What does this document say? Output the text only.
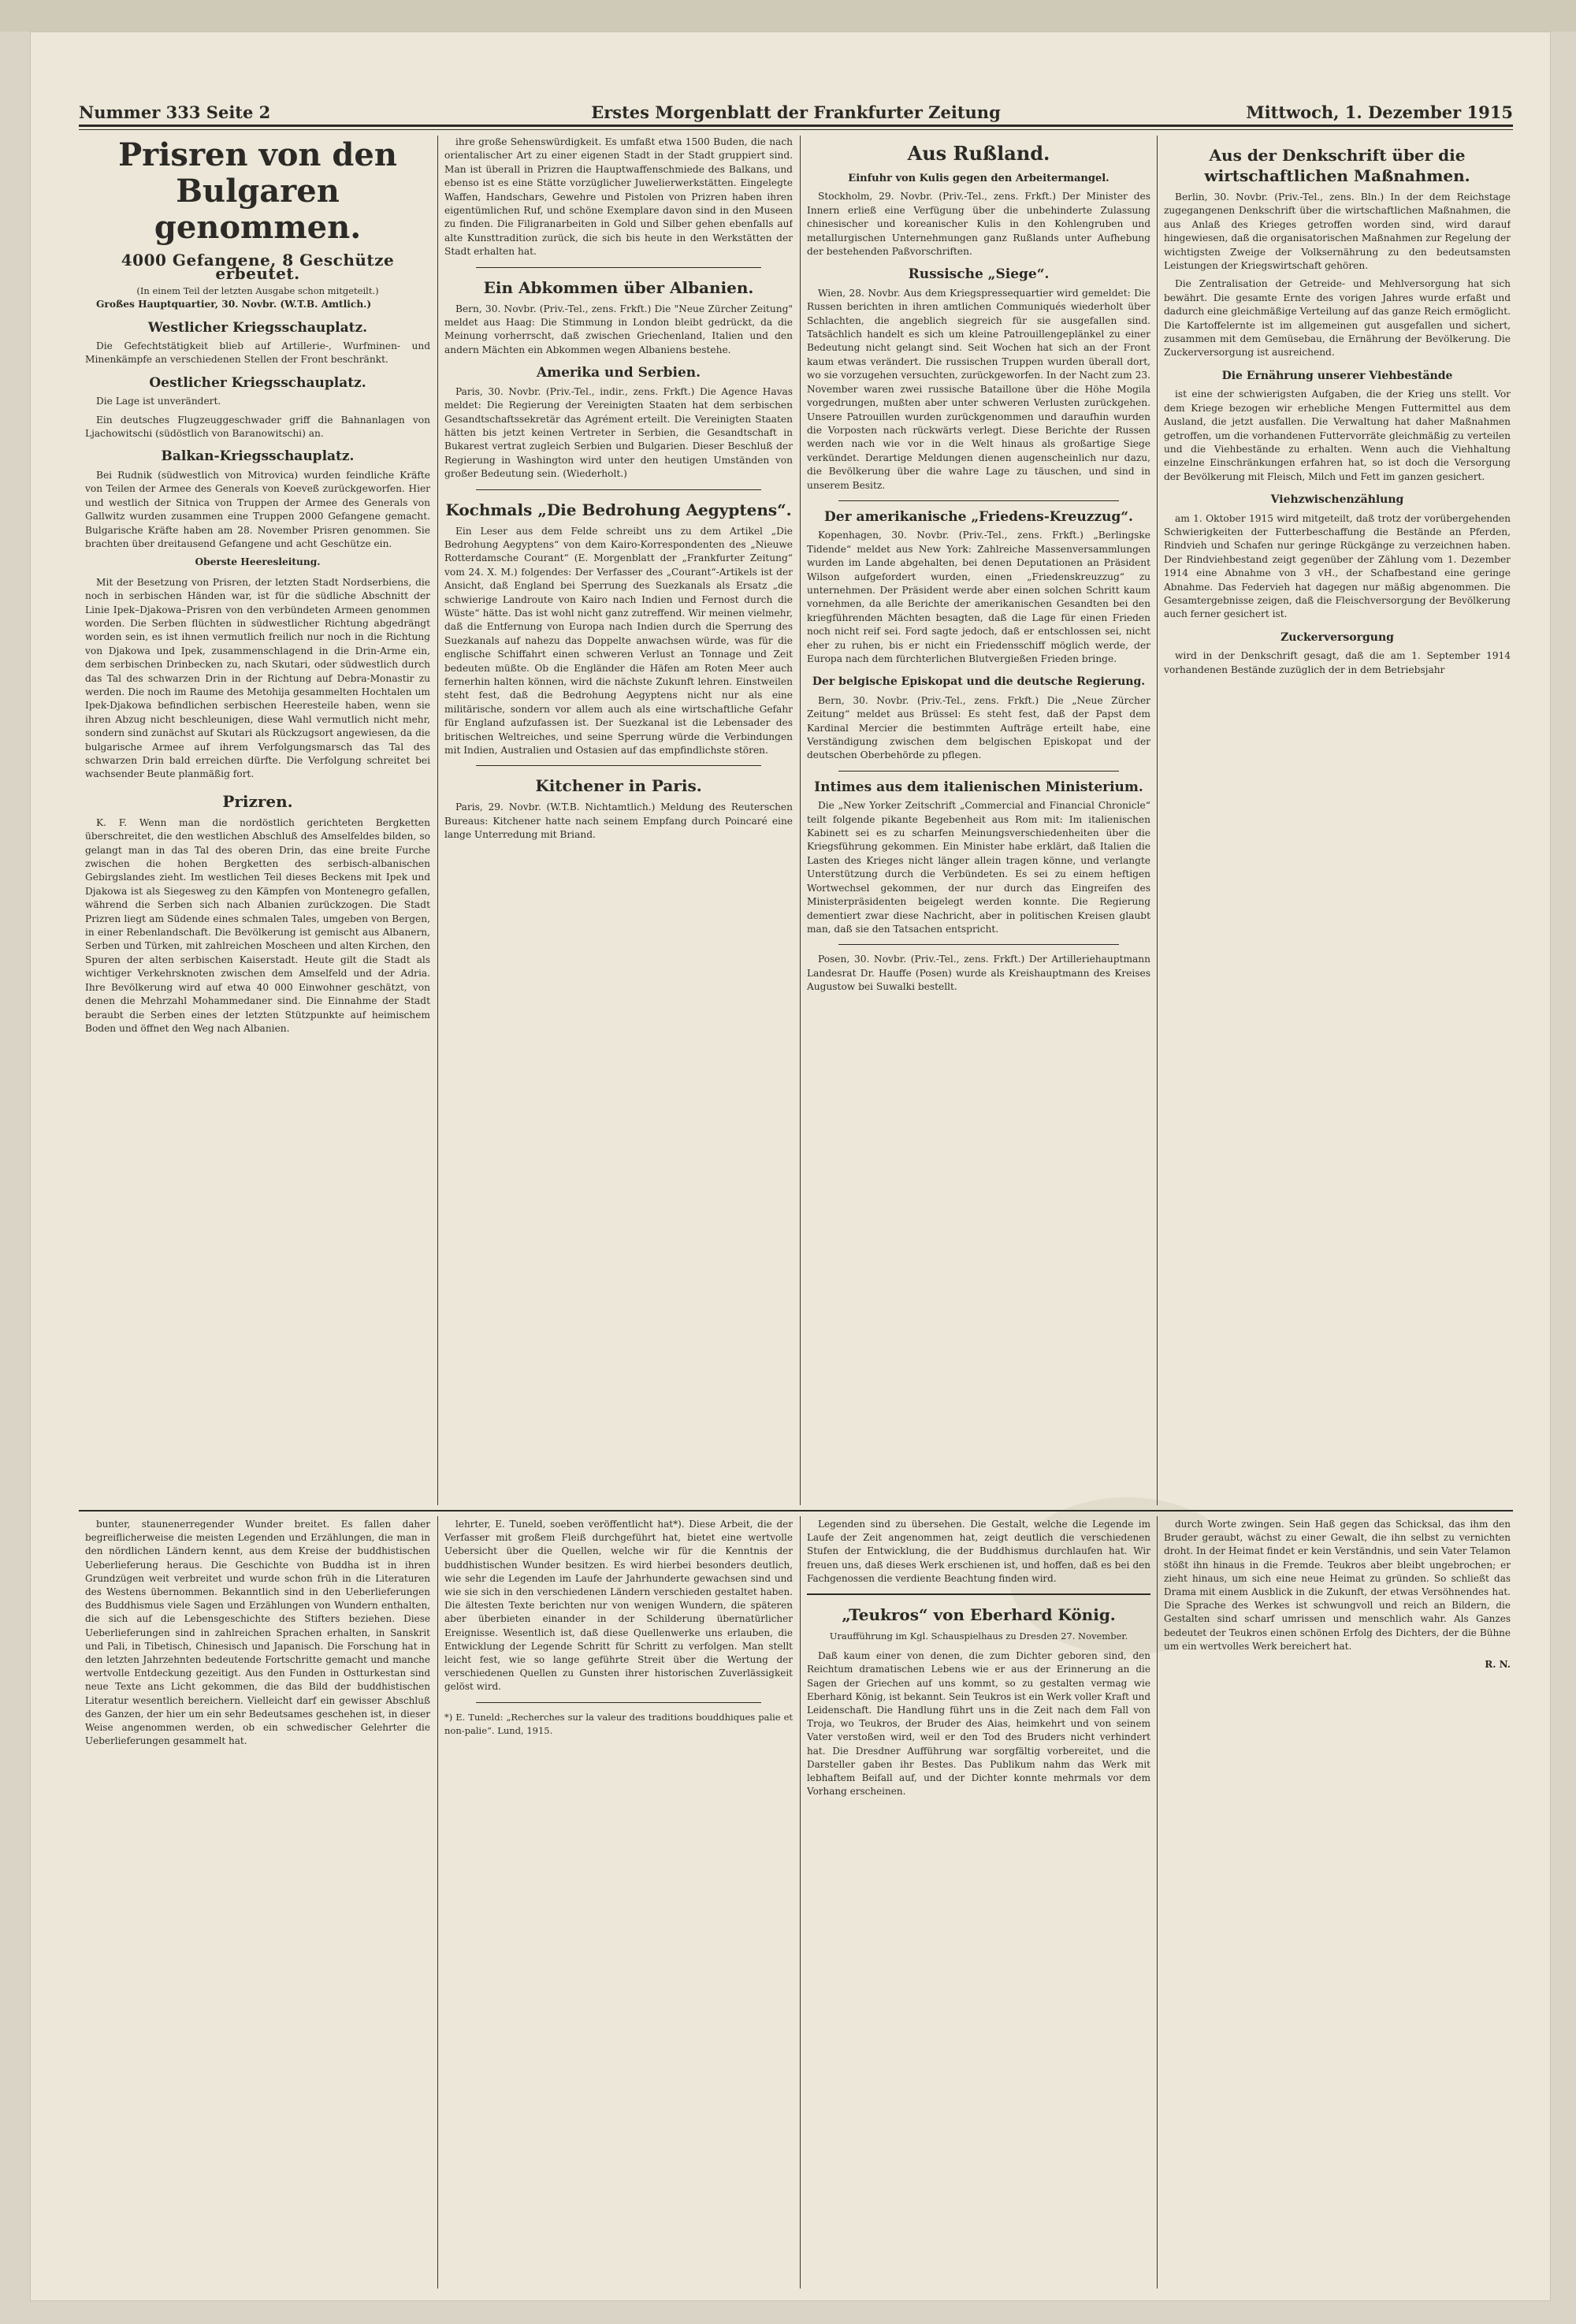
Nummer 333 Seite 2	Erstes Morgenblatt der Frankfurter Zeitung	Mittwoch, 1. Dezember 1915
Prisren von den Bulgaren genommen.
4000 Gefangene, 8 Geschütze erbeutet.
(In einem Teil der letzten Ausgabe schon mitgeteilt.)

Großes Hauptquartier, 30. Novbr. (W.T.B. Amtlich.)

Westlicher Kriegsschauplatz.

Die Gefechtstätigkeit blieb auf Artillerie-, Wurfminen- und Minenkämpfe an verschiedenen Stellen der Front beschränkt.

Oestlicher Kriegsschauplatz.

Die Lage ist unverändert.

Ein deutsches Flugzeuggeschwader griff die Bahnanlagen von Ljachowitschi (südöstlich von Baranowitschi) an.

Balkan-Kriegsschauplatz.

Bei Rudnik (südwestlich von Mitrovica) wurden feindliche Kräfte von Teilen der Armee des Generals von Koeveß zurückgeworfen. Hier und westlich der Sitnica von Truppen der Armee des Generals von Gallwitz wurden zusammen eine Truppen 2000 Gefangene gemacht. Bulgarische Kräfte haben am 28. November Prisren genommen. Sie brachten über dreitausend Gefangene und acht Geschütze ein.

Oberste Heeresleitung.

Mit der Besetzung von Prisren, der letzten Stadt Nordserbiens, die noch in serbischen Händen war, ist für die südliche Abschnitt der Linie Ipek–Djakowa–Prisren von den verbündeten Armeen genommen worden. Die Serben flüchten in südwestlicher Richtung abgedrängt worden sein, es ist ihnen vermutlich freilich nur noch in die Richtung von Djakowa und Ipek, zusammenschlagend in die Drin-Arme ein, dem serbischen Drinbecken zu, nach Skutari, oder südwestlich durch das Tal des schwarzen Drin in der Richtung auf Debra-Monastir zu werden. Die noch im Raume des Metohija gesammelten Hochtalen um Ipek-Djakowa befindlichen serbischen Heeresteile haben, wenn sie ihren Abzug nicht beschleunigen, diese Wahl vermutlich nicht mehr, sondern sind zunächst auf Skutari als Rückzugsort angewiesen, da die bulgarische Armee auf ihrem Verfolgungsmarsch das Tal des schwarzen Drin bald erreichen dürfte. Die Verfolgung schreitet bei wachsender Beute planmäßig fort.

Prizren.

K. F. Wenn man die nordöstlich gerichteten Bergketten überschreitet, die den westlichen Abschluß des Amselfeldes bilden, so gelangt man in das Tal des oberen Drin, das eine breite Furche zwischen die hohen Bergketten des serbisch-albanischen Gebirgslandes zieht. Im westlichen Teil dieses Beckens mit Ipek und Djakowa ist als Siegesweg zu den Kämpfen von Montenegro gefallen, während die Serben sich nach Albanien zurückzogen. Die Stadt Prizren liegt am Südende eines schmalen Tales, umgeben von Bergen, in einer Rebenlandschaft. Die Bevölkerung ist gemischt aus Albanern, Serben und Türken, mit zahlreichen Moscheen und alten Kirchen, den Spuren der alten serbischen Kaiserstadt. Heute gilt die Stadt als wichtiger Verkehrsknoten zwischen dem Amselfeld und der Adria. Ihre Bevölkerung wird auf etwa 40 000 Einwohner geschätzt, von denen die Mehrzahl Mohammedaner sind. Die Einnahme der Stadt beraubt die Serben eines der letzten Stützpunkte auf heimischem Boden und öffnet den Weg nach Albanien.

ihre große Sehenswürdigkeit. Es umfaßt etwa 1500 Buden, die nach orientalischer Art zu einer eigenen Stadt in der Stadt gruppiert sind. Man ist überall in Prizren die Hauptwaffenschmiede des Balkans, und ebenso ist es eine Stätte vorzüglicher Juwelierwerkstätten. Eingelegte Waffen, Handschars, Gewehre und Pistolen von Prizren haben ihren eigentümlichen Ruf, und schöne Exemplare davon sind in den Museen zu finden. Die Filigranarbeiten in Gold und Silber gehen ebenfalls auf alte Kunsttradition zurück, die sich bis heute in den Werkstätten der Stadt erhalten hat.

Ein Abkommen über Albanien.

Bern, 30. Novbr. (Priv.-Tel., zens. Frkft.) Die "Neue Zürcher Zeitung" meldet aus Haag: Die Stimmung in London bleibt gedrückt, da die Meinung vorherrscht, daß zwischen Griechenland, Italien und den andern Mächten ein Abkommen wegen Albaniens bestehe.

Amerika und Serbien.

Paris, 30. Novbr. (Priv.-Tel., indir., zens. Frkft.) Die Agence Havas meldet: Die Regierung der Vereinigten Staaten hat dem serbischen Gesandtschaftssekretär das Agrément erteilt. Die Vereinigten Staaten hätten bis jetzt keinen Vertreter in Serbien, die Gesandtschaft in Bukarest vertrat zugleich Serbien und Bulgarien. Dieser Beschluß der Regierung in Washington wird unter den heutigen Umständen von großer Bedeutung sein. (Wiederholt.)

Kochmals „Die Bedrohung Aegyptens“.

Ein Leser aus dem Felde schreibt uns zu dem Artikel „Die Bedrohung Aegyptens“ von dem Kairo-Korrespondenten des „Nieuwe Rotterdamsche Courant“ (E. Morgenblatt der „Frankfurter Zeitung“ vom 24. X. M.) folgendes: Der Verfasser des „Courant“-Artikels ist der Ansicht, daß England bei Sperrung des Suezkanals als Ersatz „die schwierige Landroute von Kairo nach Indien und Fernost durch die Wüste“ hätte. Das ist wohl nicht ganz zutreffend. Wir meinen vielmehr, daß die Entfernung von Europa nach Indien durch die Sperrung des Suezkanals auf nahezu das Doppelte anwachsen würde, was für die englische Schiffahrt einen schweren Verlust an Tonnage und Zeit bedeuten müßte. Ob die Engländer die Häfen am Roten Meer auch fernerhin halten können, wird die nächste Zukunft lehren. Einstweilen steht fest, daß die Bedrohung Aegyptens nicht nur als eine militärische, sondern vor allem auch als eine wirtschaftliche Gefahr für England aufzufassen ist. Der Suezkanal ist die Lebensader des britischen Weltreiches, und seine Sperrung würde die Verbindungen mit Indien, Australien und Ostasien auf das empfindlichste stören.

Kitchener in Paris.

Paris, 29. Novbr. (W.T.B. Nichtamtlich.) Meldung des Reuterschen Bureaus: Kitchener hatte nach seinem Empfang durch Poincaré eine lange Unterredung mit Briand.

Aus Rußland.
Einfuhr von Kulis gegen den Arbeitermangel.

Stockholm, 29. Novbr. (Priv.-Tel., zens. Frkft.) Der Minister des Innern erließ eine Verfügung über die unbehinderte Zulassung chinesischer und koreanischer Kulis in den Kohlengruben und metallurgischen Unternehmungen ganz Rußlands unter Aufhebung der bestehenden Paßvorschriften.

Russische „Siege“.

Wien, 28. Novbr. Aus dem Kriegspressequartier wird gemeldet: Die Russen berichten in ihren amtlichen Communiqués wiederholt über Schlachten, die angeblich siegreich für sie ausgefallen sind. Tatsächlich handelt es sich um kleine Patrouillengeplänkel zu einer Bedeutung nicht gelangt sind. Seit Wochen hat sich an der Front kaum etwas verändert. Die russischen Truppen wurden überall dort, wo sie vorzugehen versuchten, zurückgeworfen. In der Nacht zum 23. November waren zwei russische Bataillone über die Höhe Mogila vorgedrungen, mußten aber unter schweren Verlusten zurückgehen. Unsere Patrouillen wurden zurückgenommen und daraufhin wurden die Vorposten nach rückwärts verlegt. Diese Berichte der Russen werden nach wie vor in die Welt hinaus als großartige Siege verkündet. Derartige Meldungen dienen augenscheinlich nur dazu, die Bevölkerung über die wahre Lage zu täuschen, und sind in unserem Besitz.

Der amerikanische „Friedens-Kreuzzug“.

Kopenhagen, 30. Novbr. (Priv.-Tel., zens. Frkft.) „Berlingske Tidende“ meldet aus New York: Zahlreiche Massenversammlungen wurden im Lande abgehalten, bei denen Deputationen an Präsident Wilson aufgefordert wurden, einen „Friedenskreuzzug“ zu unternehmen. Der Präsident werde aber einen solchen Schritt kaum vornehmen, da alle Berichte der amerikanischen Gesandten bei den kriegführenden Mächten besagten, daß die Lage für einen Frieden noch nicht reif sei. Ford sagte jedoch, daß er entschlossen sei, nicht eher zu ruhen, bis er nicht ein Friedensschiff möglich werde, der Europa nach dem fürchterlichen Blutvergießen Frieden bringe.

Der belgische Episkopat und die deutsche Regierung.

Bern, 30. Novbr. (Priv.-Tel., zens. Frkft.) Die „Neue Zürcher Zeitung“ meldet aus Brüssel: Es steht fest, daß der Papst dem Kardinal Mercier die bestimmten Aufträge erteilt habe, eine Verständigung zwischen dem belgischen Episkopat und der deutschen Oberbehörde zu pflegen.

Intimes aus dem italienischen Ministerium.

Die „New Yorker Zeitschrift „Commercial and Financial Chronicle“ teilt folgende pikante Begebenheit aus Rom mit: Im italienischen Kabinett sei es zu scharfen Meinungsverschiedenheiten über die Kriegsführung gekommen. Ein Minister habe erklärt, daß Italien die Lasten des Krieges nicht länger allein tragen könne, und verlangte Unterstützung durch die Verbündeten. Es sei zu einem heftigen Wortwechsel gekommen, der nur durch das Eingreifen des Ministerpräsidenten beigelegt werden konnte. Die Regierung dementiert zwar diese Nachricht, aber in politischen Kreisen glaubt man, daß sie den Tatsachen entspricht.

Posen, 30. Novbr. (Priv.-Tel., zens. Frkft.) Der Artilleriehauptmann Landesrat Dr. Hauffe (Posen) wurde als Kreishauptmann des Kreises Augustow bei Suwalki bestellt.

Aus der Denkschrift über die wirtschaftlichen Maßnahmen.

Berlin, 30. Novbr. (Priv.-Tel., zens. Bln.) In der dem Reichstage zugegangenen Denkschrift über die wirtschaftlichen Maßnahmen, die aus Anlaß des Krieges getroffen worden sind, wird darauf hingewiesen, daß die organisatorischen Maßnahmen zur Regelung der wichtigsten Zweige der Volksernährung zu den bedeutsamsten Leistungen der Kriegswirtschaft gehören.

Die Zentralisation der Getreide- und Mehlversorgung hat sich bewährt. Die gesamte Ernte des vorigen Jahres wurde erfaßt und dadurch eine gleichmäßige Verteilung auf das ganze Reich ermöglicht. Die Kartoffelernte ist im allgemeinen gut ausgefallen und sichert, zusammen mit dem Gemüsebau, die Ernährung der Bevölkerung. Die Zuckerversorgung ist ausreichend.

Die Ernährung unserer Viehbestände

ist eine der schwierigsten Aufgaben, die der Krieg uns stellt. Vor dem Kriege bezogen wir erhebliche Mengen Futtermittel aus dem Ausland, die jetzt ausfallen. Die Verwaltung hat daher Maßnahmen getroffen, um die vorhandenen Futtervorräte gleichmäßig zu verteilen und die Viehbestände zu erhalten. Wenn auch die Viehhaltung einzelne Einschränkungen erfahren hat, so ist doch die Versorgung der Bevölkerung mit Fleisch, Milch und Fett im ganzen gesichert.

Viehzwischenzählung

am 1. Oktober 1915 wird mitgeteilt, daß trotz der vorübergehenden Schwierigkeiten der Futterbeschaffung die Bestände an Pferden, Rindvieh und Schafen nur geringe Rückgänge zu verzeichnen haben. Der Rindviehbestand zeigt gegenüber der Zählung vom 1. Dezember 1914 eine Abnahme von 3 vH., der Schafbestand eine geringe Abnahme. Das Federvieh hat dagegen nur mäßig abgenommen. Die Gesamtergebnisse zeigen, daß die Fleischversorgung der Bevölkerung auch ferner gesichert ist.

Zuckerversorgung

wird in der Denkschrift gesagt, daß die am 1. September 1914 vorhandenen Bestände zuzüglich der in dem Betriebsjahr

bunter, staunenerregender Wunder breitet. Es fallen daher begreiflicherweise die meisten Legenden und Erzählungen, die man in den nördlichen Ländern kennt, aus dem Kreise der buddhistischen Ueberlieferung heraus. Die Geschichte von Buddha ist in ihren Grundzügen weit verbreitet und wurde schon früh in die Literaturen des Westens übernommen. Bekanntlich sind in den Ueberlieferungen des Buddhismus viele Sagen und Erzählungen von Wundern enthalten, die sich auf die Lebensgeschichte des Stifters beziehen. Diese Ueberlieferungen sind in zahlreichen Sprachen erhalten, in Sanskrit und Pali, in Tibetisch, Chinesisch und Japanisch. Die Forschung hat in den letzten Jahrzehnten bedeutende Fortschritte gemacht und manche wertvolle Entdeckung gezeitigt. Aus den Funden in Ostturkestan sind neue Texte ans Licht gekommen, die das Bild der buddhistischen Literatur wesentlich bereichern. Vielleicht darf ein gewisser Abschluß des Ganzen, der hier um ein sehr Bedeutsames geschehen ist, in dieser Weise angenommen werden, ob ein schwedischer Gelehrter die Ueberlieferungen gesammelt hat.

lehrter, E. Tuneld, soeben veröffentlicht hat*). Diese Arbeit, die der Verfasser mit großem Fleiß durchgeführt hat, bietet eine wertvolle Uebersicht über die Quellen, welche wir für die Kenntnis der buddhistischen Wunder besitzen. Es wird hierbei besonders deutlich, wie sehr die Legenden im Laufe der Jahrhunderte gewachsen sind und wie sie sich in den verschiedenen Ländern verschieden gestaltet haben. Die ältesten Texte berichten nur von wenigen Wundern, die späteren aber überbieten einander in der Schilderung übernatürlicher Ereignisse. Wesentlich ist, daß diese Quellenwerke uns erlauben, die Entwicklung der Legende Schritt für Schritt zu verfolgen. Man stellt leicht fest, wie so lange geführte Streit über die Wertung der verschiedenen Quellen zu Gunsten ihrer historischen Zuverlässigkeit gelöst wird.

*) E. Tuneld: „Recherches sur la valeur des traditions bouddhiques palie et non-palie“. Lund, 1915.

Legenden sind zu übersehen. Die Gestalt, welche die Legende im Laufe der Zeit angenommen hat, zeigt deutlich die verschiedenen Stufen der Entwicklung, die der Buddhismus durchlaufen hat. Wir freuen uns, daß dieses Werk erschienen ist, und hoffen, daß es bei den Fachgenossen die verdiente Beachtung finden wird.

„Teukros“ von Eberhard König.
Uraufführung im Kgl. Schauspielhaus zu Dresden 27. November.

Daß kaum einer von denen, die zum Dichter geboren sind, den Reichtum dramatischen Lebens wie er aus der Erinnerung an die Sagen der Griechen auf uns kommt, so zu gestalten vermag wie Eberhard König, ist bekannt. Sein Teukros ist ein Werk voller Kraft und Leidenschaft. Die Handlung führt uns in die Zeit nach dem Fall von Troja, wo Teukros, der Bruder des Aias, heimkehrt und von seinem Vater verstoßen wird, weil er den Tod des Bruders nicht verhindert hat. Die Dresdner Aufführung war sorgfältig vorbereitet, und die Darsteller gaben ihr Bestes. Das Publikum nahm das Werk mit lebhaftem Beifall auf, und der Dichter konnte mehrmals vor dem Vorhang erscheinen.

durch Worte zwingen. Sein Haß gegen das Schicksal, das ihm den Bruder geraubt, wächst zu einer Gewalt, die ihn selbst zu vernichten droht. In der Heimat findet er kein Verständnis, und sein Vater Telamon stößt ihn hinaus in die Fremde. Teukros aber bleibt ungebrochen; er zieht hinaus, um sich eine neue Heimat zu gründen. So schließt das Drama mit einem Ausblick in die Zukunft, der etwas Versöhnendes hat. Die Sprache des Werkes ist schwungvoll und reich an Bildern, die Gestalten sind scharf umrissen und menschlich wahr. Als Ganzes bedeutet der Teukros einen schönen Erfolg des Dichters, der die Bühne um ein wertvolles Werk bereichert hat.

R. N.
